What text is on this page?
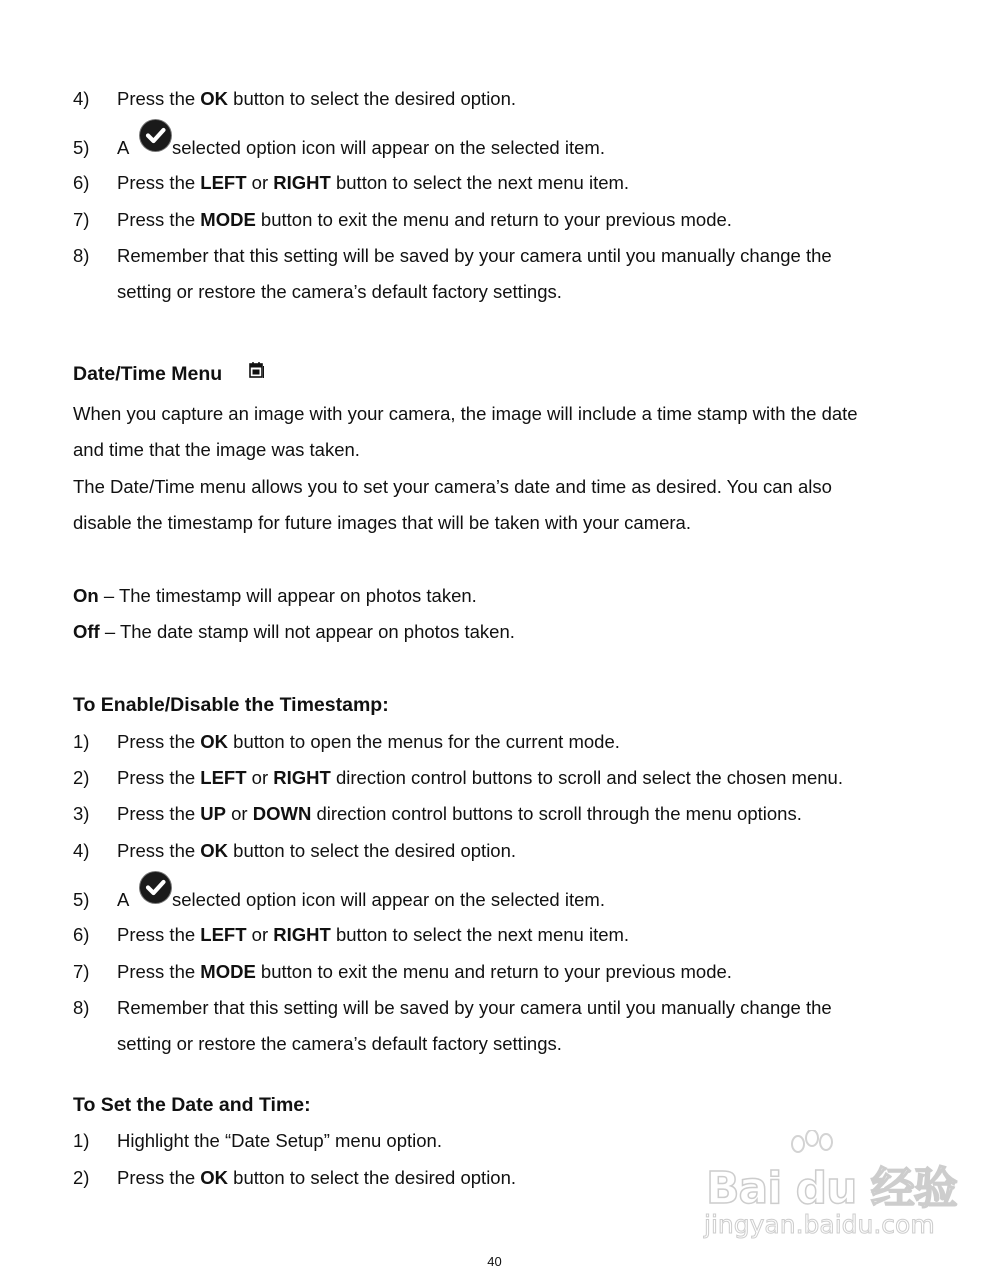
4) Press the OK button to select the desired option.
5) A selected option icon will appear on the selected item.
6) Press the LEFT or RIGHT button to select the next menu item.
7) Press the MODE button to exit the menu and return to your previous mode.
8) Remember that this setting will be saved by your camera until you manually change the
setting or restore the camera’s default factory settings.
Date/Time Menu
When you capture an image with your camera, the image will include a time stamp with the date
and time that the image was taken.
The Date/Time menu allows you to set your camera’s date and time as desired. You can also
disable the timestamp for future images that will be taken with your camera.
On – The timestamp will appear on photos taken.
Off – The date stamp will not appear on photos taken.
To Enable/Disable the Timestamp:
1) Press the OK button to open the menus for the current mode.
2) Press the LEFT or RIGHT direction control buttons to scroll and select the chosen menu.
3) Press the UP or DOWN direction control buttons to scroll through the menu options.
4) Press the OK button to select the desired option.
5) A selected option icon will appear on the selected item.
6) Press the LEFT or RIGHT button to select the next menu item.
7) Press the MODE button to exit the menu and return to your previous mode.
8) Remember that this setting will be saved by your camera until you manually change the
setting or restore the camera’s default factory settings.
To Set the Date and Time:
1) Highlight the “Date Setup” menu option.
2) Press the OK button to select the desired option.	Bai du 经验
jingyan.baidu.com
40
